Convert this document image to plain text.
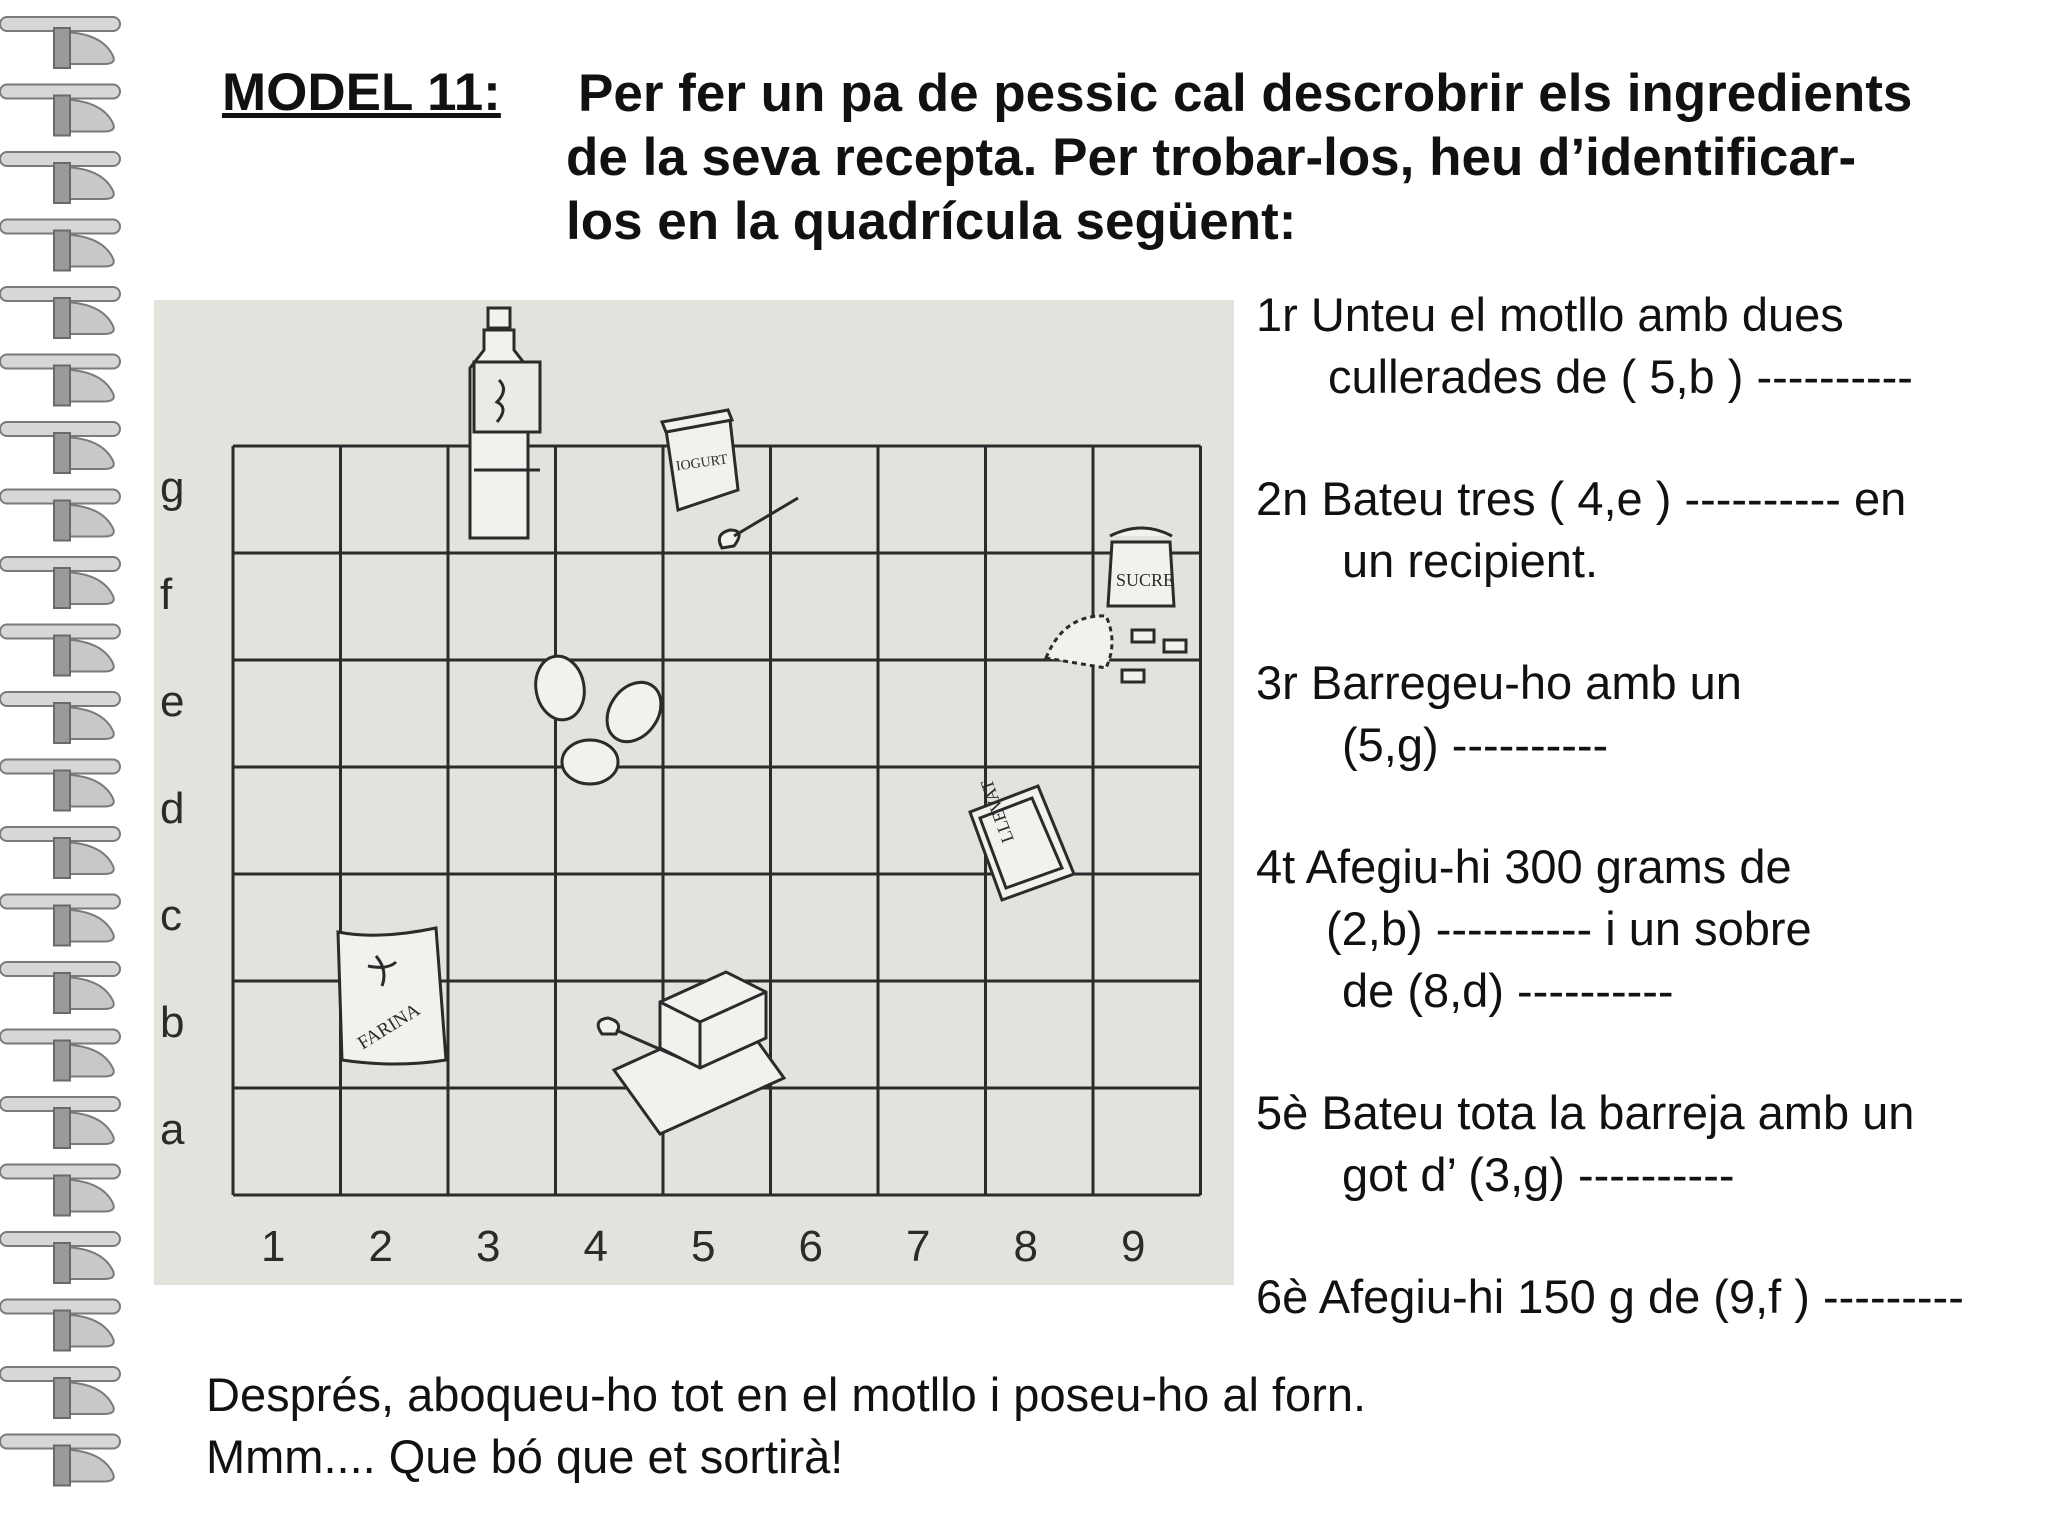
MODEL 11: Per fer un pa de pessic cal descrobrir els ingredients
de la seva recepta. Per trobar-los, heu d’identificar-
los en la quadrícula següent:
g
f
e
d
c
b
a
1 2 3 4 5 6 7 8 9
IOGURT
SUCRE
LLEVAT
FARINA
1r Unteu el motllo amb dues
cullerades de ( 5,b ) ----------
2n Bateu tres ( 4,e ) ---------- en
un recipient.
3r Barregeu-ho amb un
(5,g) ----------
4t Afegiu-hi 300 grams de
(2,b) ---------- i un sobre
de (8,d) ----------
5è Bateu tota la barreja amb un
got d’ (3,g) ----------
6è Afegiu-hi 150 g de (9,f ) ---------
Després, aboqueu-ho tot en el motllo i poseu-ho al forn.
Mmm.... Que bó que et sortirà!
